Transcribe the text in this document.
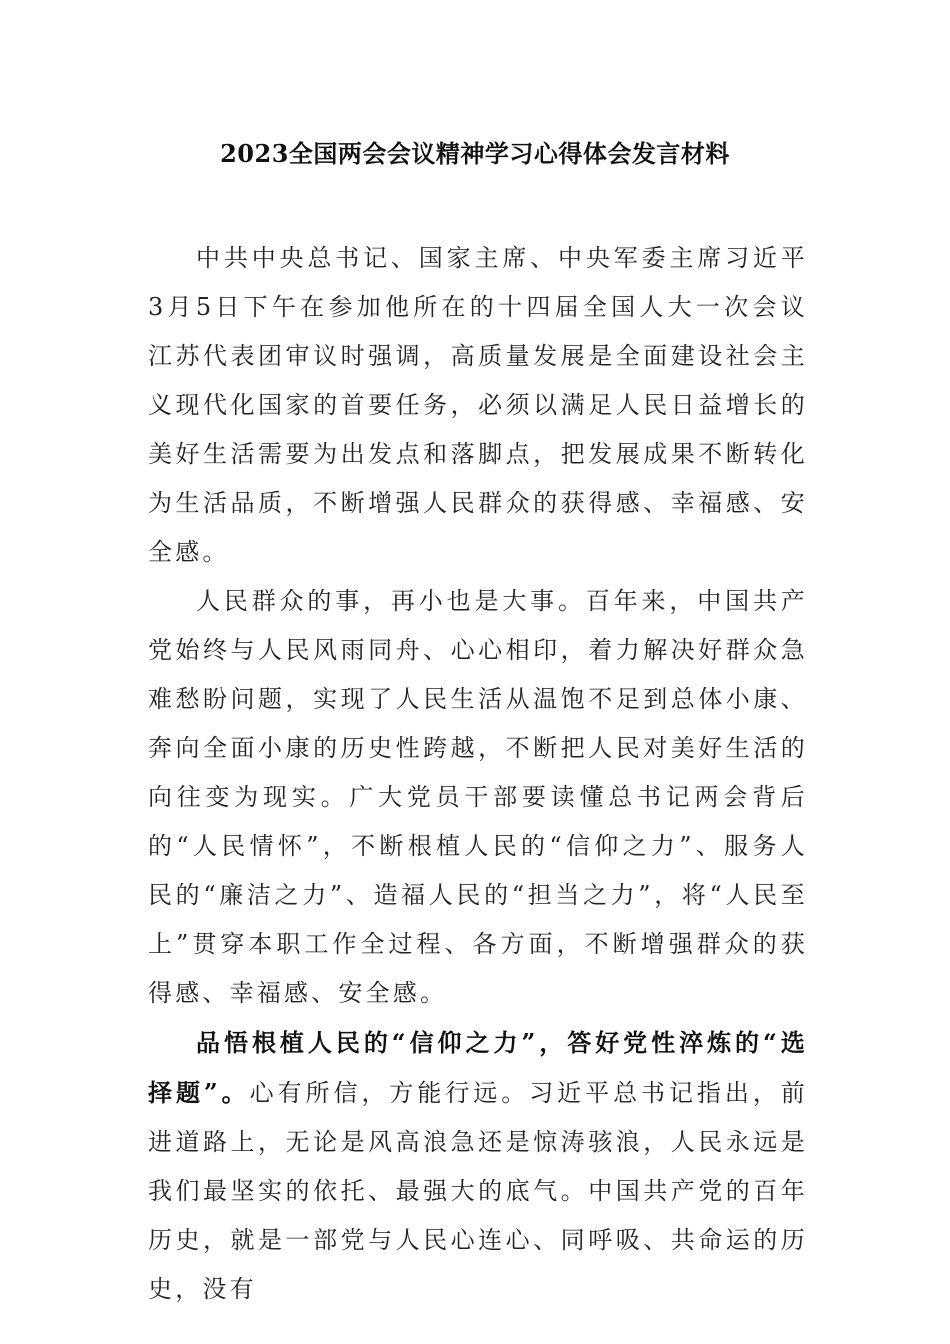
2023全国两会会议精神学习心得体会发言材料

中共中央总书记、国家主席、中央军委主席习近平3月5日下午在参加他所在的十四届全国人大一次会议江苏代表团审议时强调，高质量发展是全面建设社会主义现代化国家的首要任务，必须以满足人民日益增长的美好生活需要为出发点和落脚点，把发展成果不断转化为生活品质，不断增强人民群众的获得感、幸福感、安全感。

人民群众的事，再小也是大事。百年来，中国共产党始终与人民风雨同舟、心心相印，着力解决好群众急难愁盼问题，实现了人民生活从温饱不足到总体小康、奔向全面小康的历史性跨越，不断把人民对美好生活的向往变为现实。广大党员干部要读懂总书记两会背后的“人民情怀”，不断根植人民的“信仰之力”、服务人民的“廉洁之力”、造福人民的“担当之力”，将“人民至上”贯穿本职工作全过程、各方面，不断增强群众的获得感、幸福感、安全感。

品悟根植人民的“信仰之力”，答好党性淬炼的“选择题”。心有所信，方能行远。习近平总书记指出，前进道路上，无论是风高浪急还是惊涛骇浪，人民永远是我们最坚实的依托、最强大的底气。中国共产党的百年历史，就是一部党与人民心连心、同呼吸、共命运的历史，没有
